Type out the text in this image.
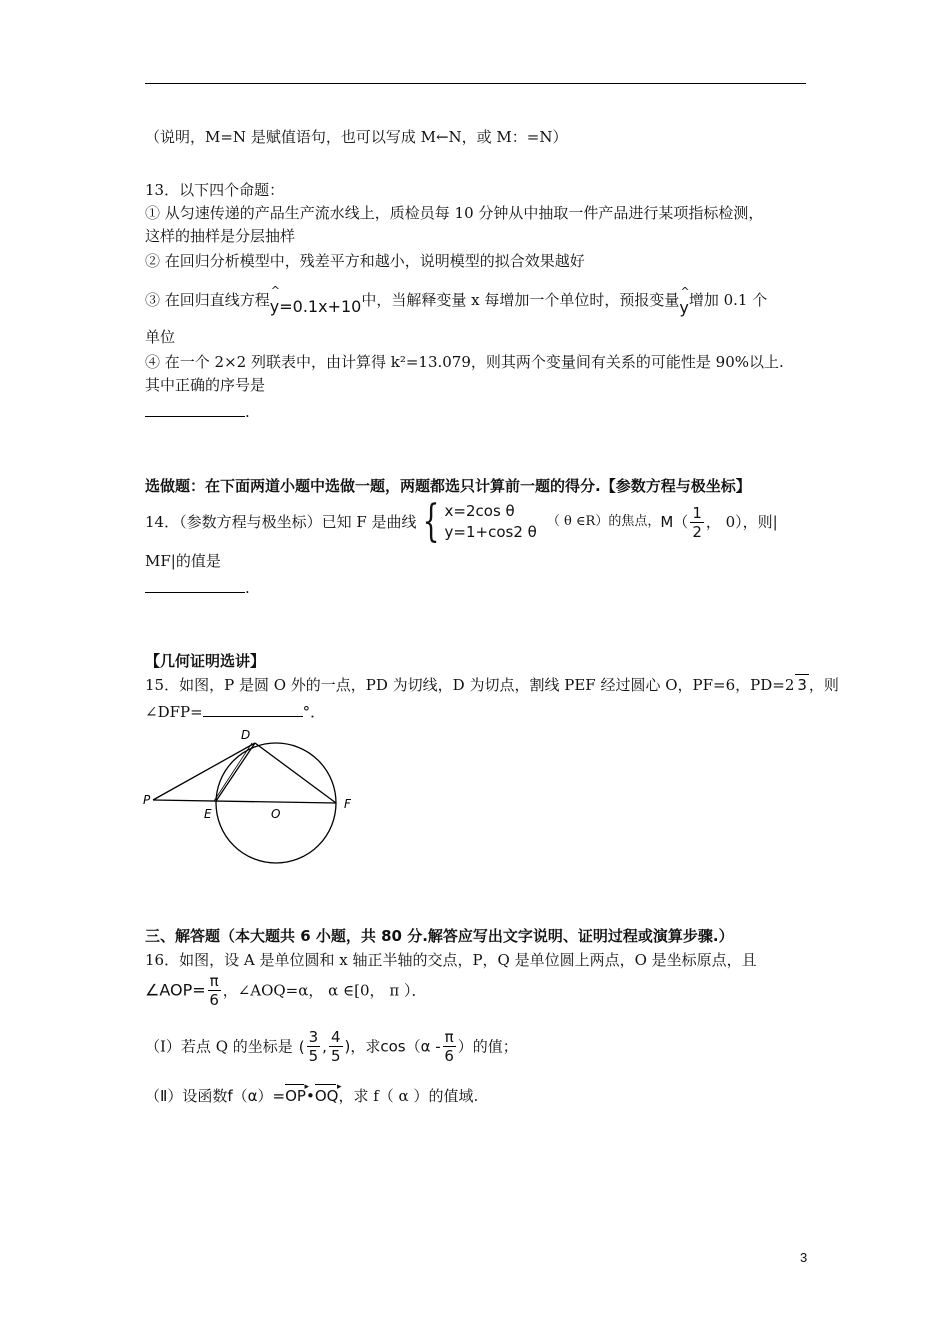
（说明，M=N 是赋值语句，也可以写成 M←N，或 M：=N）
13．以下四个命题：
① 从匀速传递的产品生产流水线上，质检员每 10 分钟从中抽取一件产品进行某项指标检测，
这样的抽样是分层抽样
② 在回归分析模型中，残差平方和越小，说明模型的拟合效果越好
③ 在回归直线方程^ y=0.1x+10中，当解释变量 x 每增加一个单位时，预报变量^ y增加 0.1 个
单位
④ 在一个 2×2 列联表中，由计算得 k²=13.079，则其两个变量间有关系的可能性是 90%以上.
其中正确的序号是
.
选做题：在下面两道小题中选做一题，两题都选只计算前一题的得分.【参数方程与极坐标】
14．（参数方程与极坐标）已知 F 是曲线 { x=2cos θ
y=1+cos2 θ
（ θ ∈R）的焦点，$M( \frac{1}{2}$ ， 0），则|
MF|的值是
.
【几何证明选讲】
15．如图，P 是圆 O 外的一点，PD 为切线，D 为切点，割线 PEF 经过圆心 O，PF=6，PD=2 3 ，则
∠DFP=	°．
D
P
E	O
F
三、解答题（本大题共 6 小题，共 80 分.解答应写出文字说明、证明过程或演算步骤.）
16．如图，设 A 是单位圆和 x 轴正半轴的交点，P，Q 是单位圆上两点，O 是坐标原点，且
∠AOP= $\frac{\pi}{6}$ ，∠AOQ=α， α ∈[0， π ）．
（Ⅰ）若点 Q 的坐标是 ( $\frac{3}{5}$ , $\frac{4}{5}$ )，求$\cos(\alpha - \frac{\pi}{6}$ ）的值；
（Ⅱ）设函数f（α）=OP ▸•OQ ▸，求 f（ α ）的值域.
3
